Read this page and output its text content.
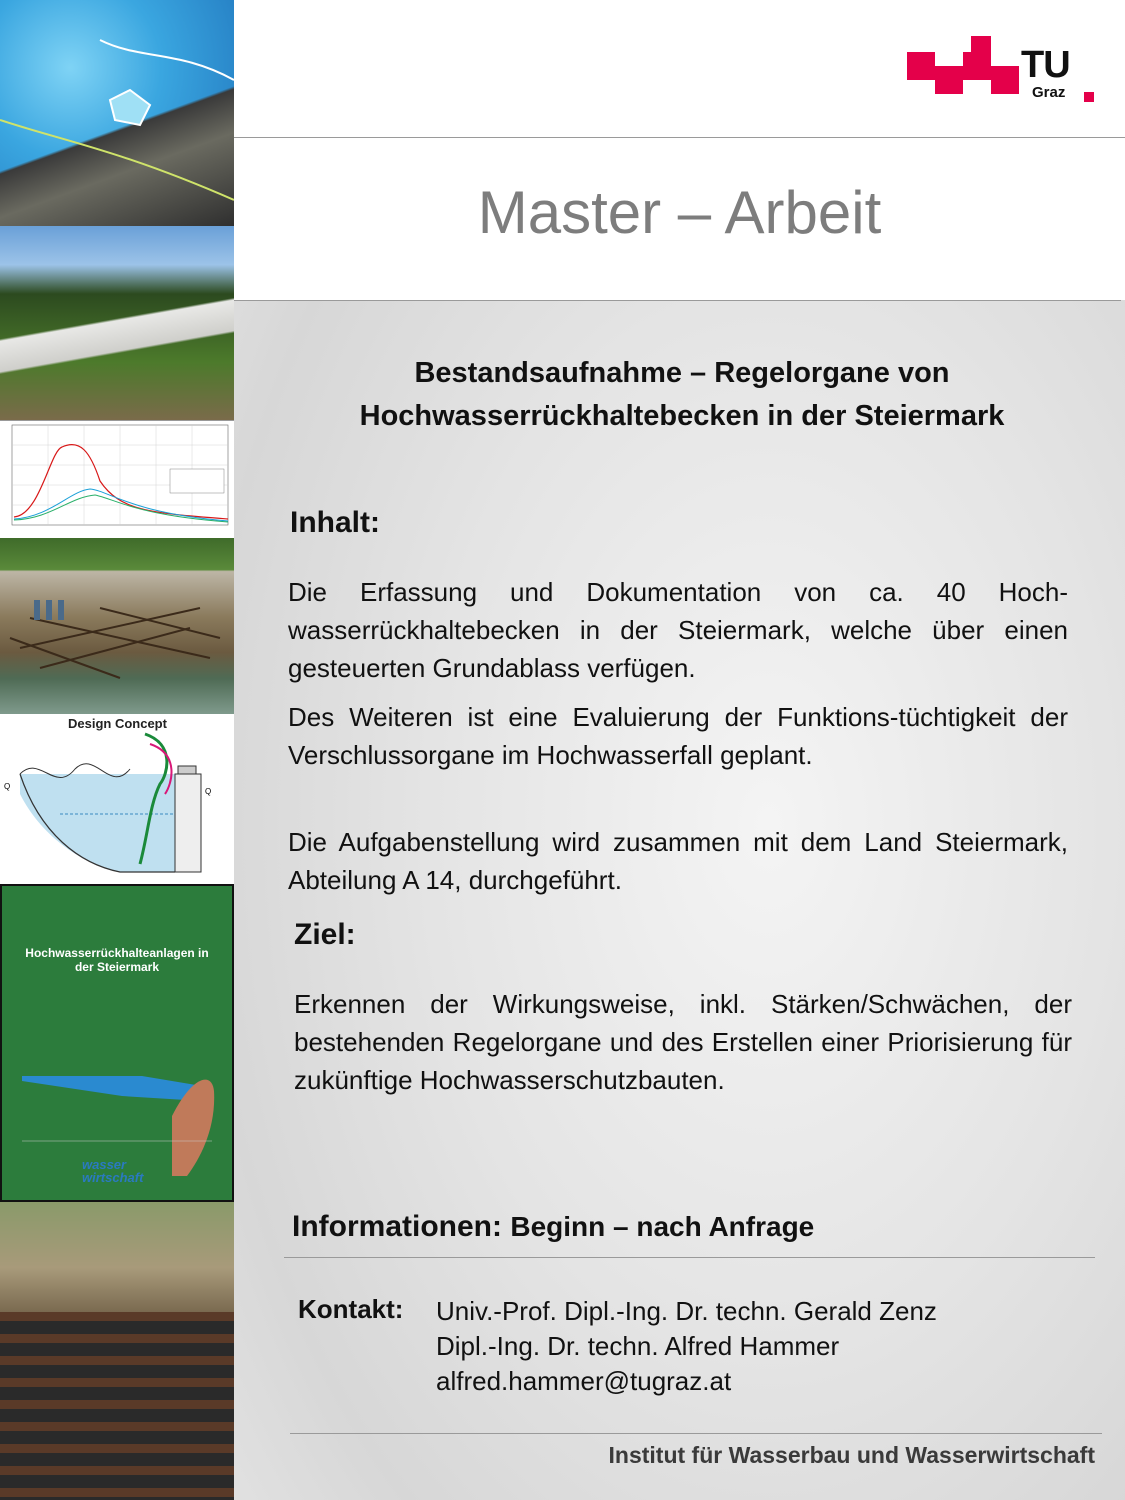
Design Concept
Q
Q
Hochwasserrückhalteanlagen in der Steiermark
wasser wirtschaft
TU
Graz
Master – Arbeit
Bestandsaufnahme – Regelorgane von
Hochwasserrückhaltebecken in der Steiermark
Inhalt:
Die Erfassung und Dokumentation von ca. 40 Hoch-wasserrückhaltebecken in der Steiermark, welche über einen gesteuerten Grundablass verfügen.
Des Weiteren ist eine Evaluierung der Funktions-tüchtigkeit der Verschlussorgane im Hochwasserfall geplant.
Die Aufgabenstellung wird zusammen mit dem Land Steiermark, Abteilung A 14, durchgeführt.
Ziel:
Erkennen der Wirkungsweise, inkl. Stärken/Schwächen, der bestehenden Regelorgane und des Erstellen einer Priorisierung für zukünftige Hochwasserschutzbauten.
Informationen: Beginn – nach Anfrage
Kontakt: Univ.-Prof. Dipl.-Ing. Dr. techn. Gerald Zenz
Dipl.-Ing. Dr. techn. Alfred Hammer
alfred.hammer@tugraz.at
Institut für Wasserbau und Wasserwirtschaft
